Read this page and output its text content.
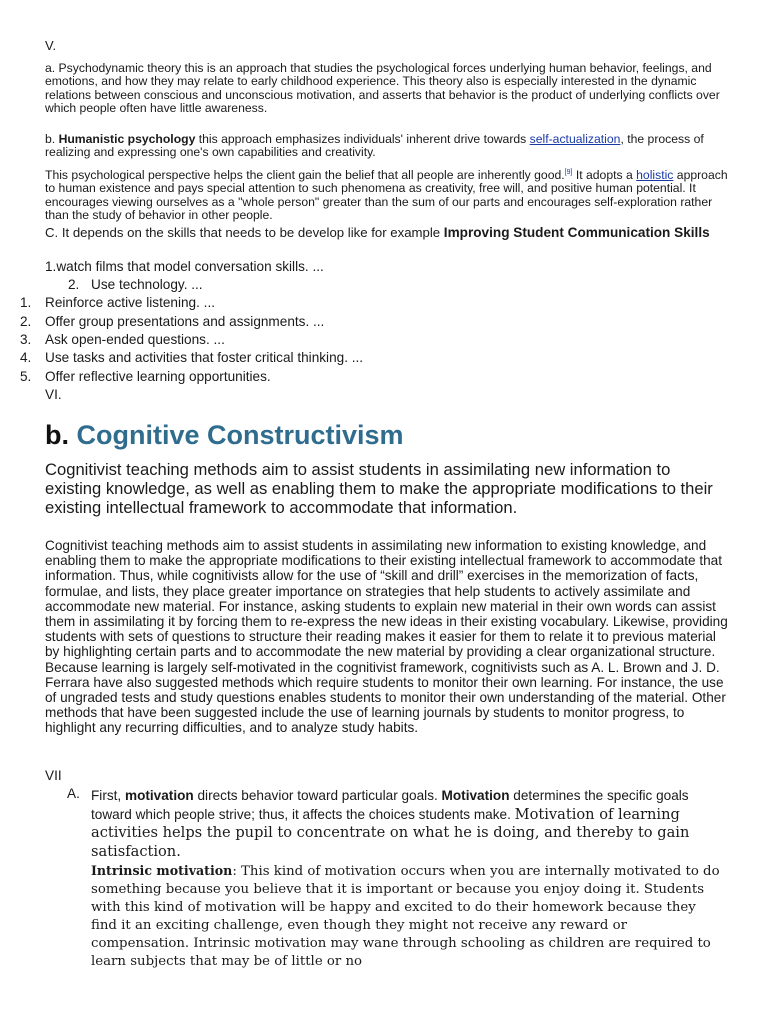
V.

a. Psychodynamic theory this is an approach that studies the psychological forces underlying human behavior, feelings, and emotions, and how they may relate to early childhood experience. This theory also is especially interested in the dynamic relations between conscious and unconscious motivation, and asserts that behavior is the product of underlying conflicts over which people often have little awareness.

b. Humanistic psychology this approach emphasizes individuals' inherent drive towards self-actualization, the process of realizing and expressing one's own capabilities and creativity.

This psychological perspective helps the client gain the belief that all people are inherently good.[9] It adopts a holistic approach to human existence and pays special attention to such phenomena as creativity, free will, and positive human potential. It encourages viewing ourselves as a "whole person" greater than the sum of our parts and encourages self-exploration rather than the study of behavior in other people.

C. It depends on the skills that needs to be develop like for example Improving Student Communication Skills

1.watch films that model conversation skills. ...
2. Use technology. ...
1. Reinforce active listening. ...
2. Offer group presentations and assignments. ...
3. Ask open-ended questions. ...
4. Use tasks and activities that foster critical thinking. ...
5. Offer reflective learning opportunities.
VI.
b. Cognitive Constructivism

Cognitivist teaching methods aim to assist students in assimilating new information to existing knowledge, as well as enabling them to make the appropriate modifications to their existing intellectual framework to accommodate that information.

Cognitivist teaching methods aim to assist students in assimilating new information to existing knowledge, and enabling them to make the appropriate modifications to their existing intellectual framework to accommodate that information. Thus, while cognitivists allow for the use of “skill and drill” exercises in the memorization of facts, formulae, and lists, they place greater importance on strategies that help students to actively assimilate and accommodate new material. For instance, asking students to explain new material in their own words can assist them in assimilating it by forcing them to re-express the new ideas in their existing vocabulary. Likewise, providing students with sets of questions to structure their reading makes it easier for them to relate it to previous material by highlighting certain parts and to accommodate the new material by providing a clear organizational structure. Because learning is largely self-motivated in the cognitivist framework, cognitivists such as A. L. Brown and J. D. Ferrara have also suggested methods which require students to monitor their own learning. For instance, the use of ungraded tests and study questions enables students to monitor their own understanding of the material. Other methods that have been suggested include the use of learning journals by students to monitor progress, to highlight any recurring difficulties, and to analyze study habits.

VII
A. First, motivation directs behavior toward particular goals. Motivation determines the specific goals toward which people strive; thus, it affects the choices students make. Motivation of learning activities helps the pupil to concentrate on what he is doing, and thereby to gain satisfaction.

Intrinsic motivation: This kind of motivation occurs when you are internally motivated to do something because you believe that it is important or because you enjoy doing it. Students with this kind of motivation will be happy and excited to do their homework because they find it an exciting challenge, even though they might not receive any reward or compensation. Intrinsic motivation may wane through schooling as children are required to learn subjects that may be of little or no
